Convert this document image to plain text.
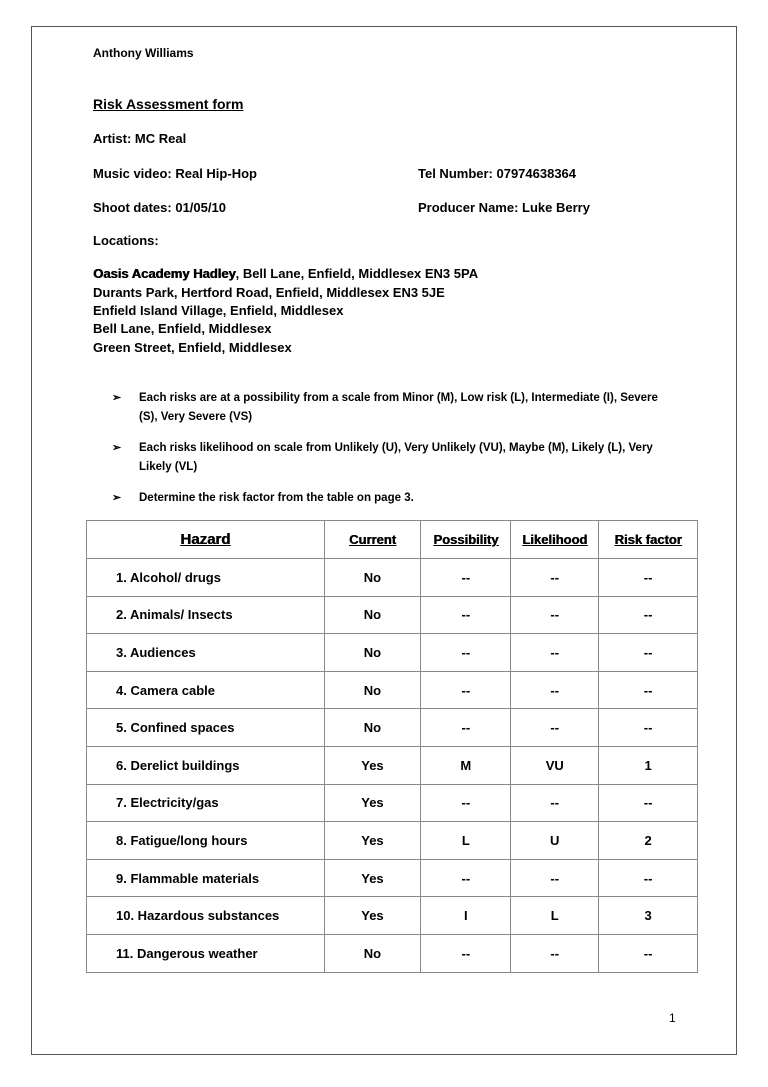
Anthony Williams
Risk Assessment form
Artist: MC Real
Music video: Real Hip-Hop	Tel Number: 07974638364
Shoot dates: 01/05/10	Producer Name: Luke Berry
Locations:
Oasis Academy Hadley, Bell Lane, Enfield, Middlesex EN3 5PA
Durants Park, Hertford Road, Enfield, Middlesex EN3 5JE
Enfield Island Village, Enfield, Middlesex
Bell Lane, Enfield, Middlesex
Green Street, Enfield, Middlesex
➢ Each risks are at a possibility from a scale from Minor (M), Low risk (L), Intermediate (I), Severe (S), Very Severe (VS)
➢ Each risks likelihood on scale from Unlikely (U), Very Unlikely (VU), Maybe (M), Likely (L), Very Likely (VL)
➢ Determine the risk factor from the table on page 3.
Hazard	Current	Possibility	Likelihood	Risk factor
1. Alcohol/ drugs	No	--	--	--
2. Animals/ Insects	No	--	--	--
3. Audiences	No	--	--	--
4. Camera cable	No	--	--	--
5. Confined spaces	No	--	--	--
6. Derelict buildings	Yes	M	VU	1
7. Electricity/gas	Yes	--	--	--
8. Fatigue/long hours	Yes	L	U	2
9. Flammable materials	Yes	--	--	--
10. Hazardous substances	Yes	I	L	3
11. Dangerous weather	No	--	--	--
1
